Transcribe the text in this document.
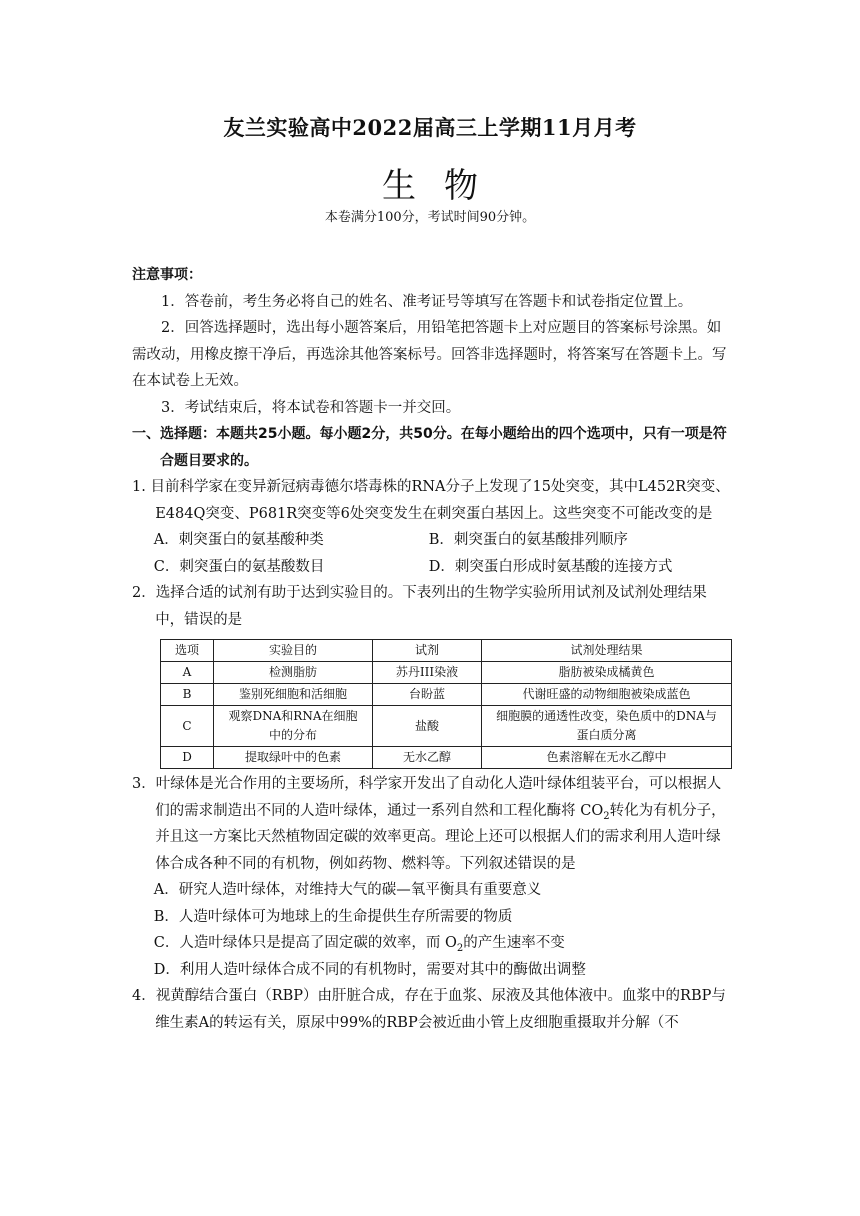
友兰实验高中2022届高三上学期11月月考
生物
本卷满分100分，考试时间90分钟。

注意事项：

1．答卷前，考生务必将自己的姓名、准考证号等填写在答题卡和试卷指定位置上。

2．回答选择题时，选出每小题答案后，用铅笔把答题卡上对应题目的答案标号涂黑。如需改动，用橡皮擦干净后，再选涂其他答案标号。回答非选择题时，将答案写在答题卡上。写在本试卷上无效。

3．考试结束后，将本试卷和答题卡一并交回。

一、选择题：本题共25小题。每小题2分，共50分。在每小题给出的四个选项中，只有一项是符合题目要求的。

1. 目前科学家在变异新冠病毒德尔塔毒株的RNA分子上发现了15处突变，其中L452R突变、E484Q突变、P681R突变等6处突变发生在刺突蛋白基因上。这些突变不可能改变的是

A．刺突蛋白的氨基酸种类	B．刺突蛋白的氨基酸排列顺序
C．刺突蛋白的氨基酸数目	D．刺突蛋白形成时氨基酸的连接方式

2．选择合适的试剂有助于达到实验目的。下表列出的生物学实验所用试剂及试剂处理结果中，错误的是

选项	实验目的	试剂	试剂处理结果
A	检测脂肪	苏丹III染液	脂肪被染成橘黄色
B	鉴别死细胞和活细胞	台盼蓝	代谢旺盛的动物细胞被染成蓝色
C	观察DNA和RNA在细胞中的分布	盐酸	细胞膜的通透性改变，染色质中的DNA与蛋白质分离
D	提取绿叶中的色素	无水乙醇	色素溶解在无水乙醇中

3．叶绿体是光合作用的主要场所，科学家开发出了自动化人造叶绿体组装平台，可以根据人们的需求制造出不同的人造叶绿体，通过一系列自然和工程化酶将 $CO_2$转化为有机分子，并且这一方案比天然植物固定碳的效率更高。理论上还可以根据人们的需求利用人造叶绿体合成各种不同的有机物，例如药物、燃料等。下列叙述错误的是

A．研究人造叶绿体，对维持大气的碳—氧平衡具有重要意义

B．人造叶绿体可为地球上的生命提供生存所需要的物质

C．人造叶绿体只是提高了固定碳的效率，而 $O_2$的产生速率不变

D．利用人造叶绿体合成不同的有机物时，需要对其中的酶做出调整

4．视黄醇结合蛋白（RBP）由肝脏合成，存在于血浆、尿液及其他体液中。血浆中的RBP与维生素A的转运有关，原尿中99%的RBP会被近曲小管上皮细胞重摄取并分解（不
